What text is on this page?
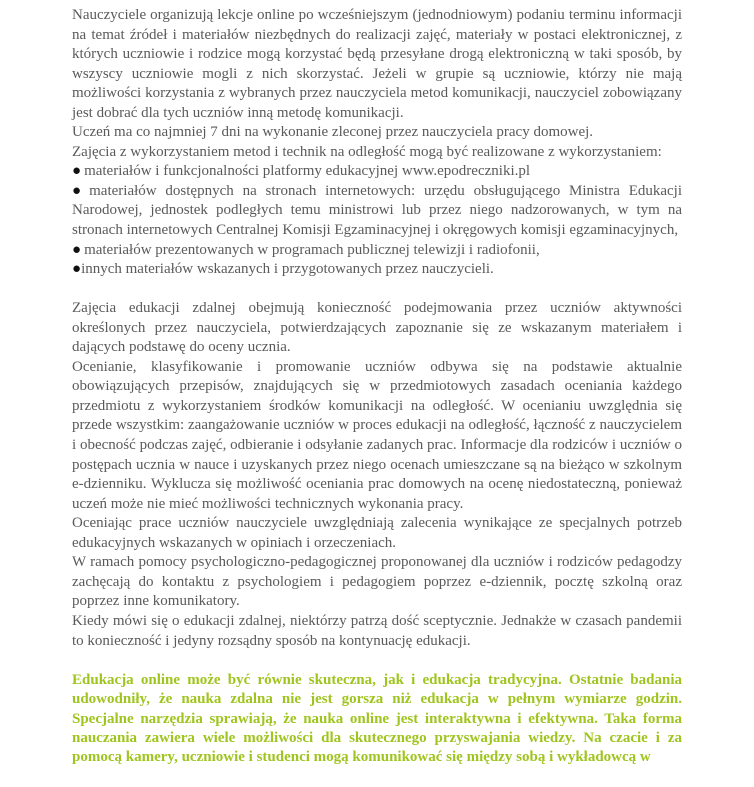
Nauczyciele organizują lekcje online po wcześniejszym (jednodniowym) podaniu terminu informacji na temat źródeł i materiałów niezbędnych do realizacji zajęć, materiały w postaci elektronicznej, z których uczniowie i rodzice mogą korzystać będą przesyłane drogą elektroniczną w taki sposób, by wszyscy uczniowie mogli z nich skorzystać. Jeżeli w grupie są uczniowie, którzy nie mają możliwości korzystania z wybranych przez nauczyciela metod komunikacji, nauczyciel zobowiązany jest dobrać dla tych uczniów inną metodę komunikacji.

Uczeń ma co najmniej 7 dni na wykonanie zleconej przez nauczyciela pracy domowej.

Zajęcia z wykorzystaniem metod i technik na odległość mogą być realizowane z wykorzystaniem:

● materiałów i funkcjonalności platformy edukacyjnej www.epodreczniki.pl

● materiałów dostępnych na stronach internetowych: urzędu obsługującego Ministra Edukacji Narodowej, jednostek podległych temu ministrowi lub przez niego nadzorowanych, w tym na stronach internetowych Centralnej Komisji Egzaminacyjnej i okręgowych komisji egzaminacyjnych,

● materiałów prezentowanych w programach publicznej telewizji i radiofonii,

●innych materiałów wskazanych i przygotowanych przez nauczycieli.

Zajęcia edukacji zdalnej obejmują konieczność podejmowania przez uczniów aktywności określonych przez nauczyciela, potwierdzających zapoznanie się ze wskazanym materiałem i dających podstawę do oceny ucznia.

Ocenianie, klasyfikowanie i promowanie uczniów odbywa się na podstawie aktualnie obowiązujących przepisów, znajdujących się w przedmiotowych zasadach oceniania każdego przedmiotu z wykorzystaniem środków komunikacji na odległość. W ocenianiu uwzględnia się przede wszystkim: zaangażowanie uczniów w proces edukacji na odległość, łączność z nauczycielem i obecność podczas zajęć, odbieranie i odsyłanie zadanych prac. Informacje dla rodziców i uczniów o postępach ucznia w nauce i uzyskanych przez niego ocenach umieszczane są na bieżąco w szkolnym e-dzienniku. Wyklucza się możliwość oceniania prac domowych na ocenę niedostateczną, ponieważ uczeń może nie mieć możliwości technicznych wykonania pracy.

Oceniając prace uczniów nauczyciele uwzględniają zalecenia wynikające ze specjalnych potrzeb edukacyjnych wskazanych w opiniach i orzeczeniach.

W ramach pomocy psychologiczno-pedagogicznej proponowanej dla uczniów i rodziców pedagodzy zachęcają do kontaktu z psychologiem i pedagogiem poprzez e-dziennik, pocztę szkolną oraz poprzez inne komunikatory.

Kiedy mówi się o edukacji zdalnej, niektórzy patrzą dość sceptycznie. Jednakże w czasach pandemii to konieczność i jedyny rozsądny sposób na kontynuację edukacji.

Edukacja online może być równie skuteczna, jak i edukacja tradycyjna. Ostatnie badania udowodniły, że nauka zdalna nie jest gorsza niż edukacja w pełnym wymiarze godzin. Specjalne narzędzia sprawiają, że nauka online jest interaktywna i efektywna. Taka forma nauczania zawiera wiele możliwości dla skutecznego przyswajania wiedzy. Na czacie i za pomocą kamery, uczniowie i studenci mogą komunikować się między sobą i wykładowcą w
